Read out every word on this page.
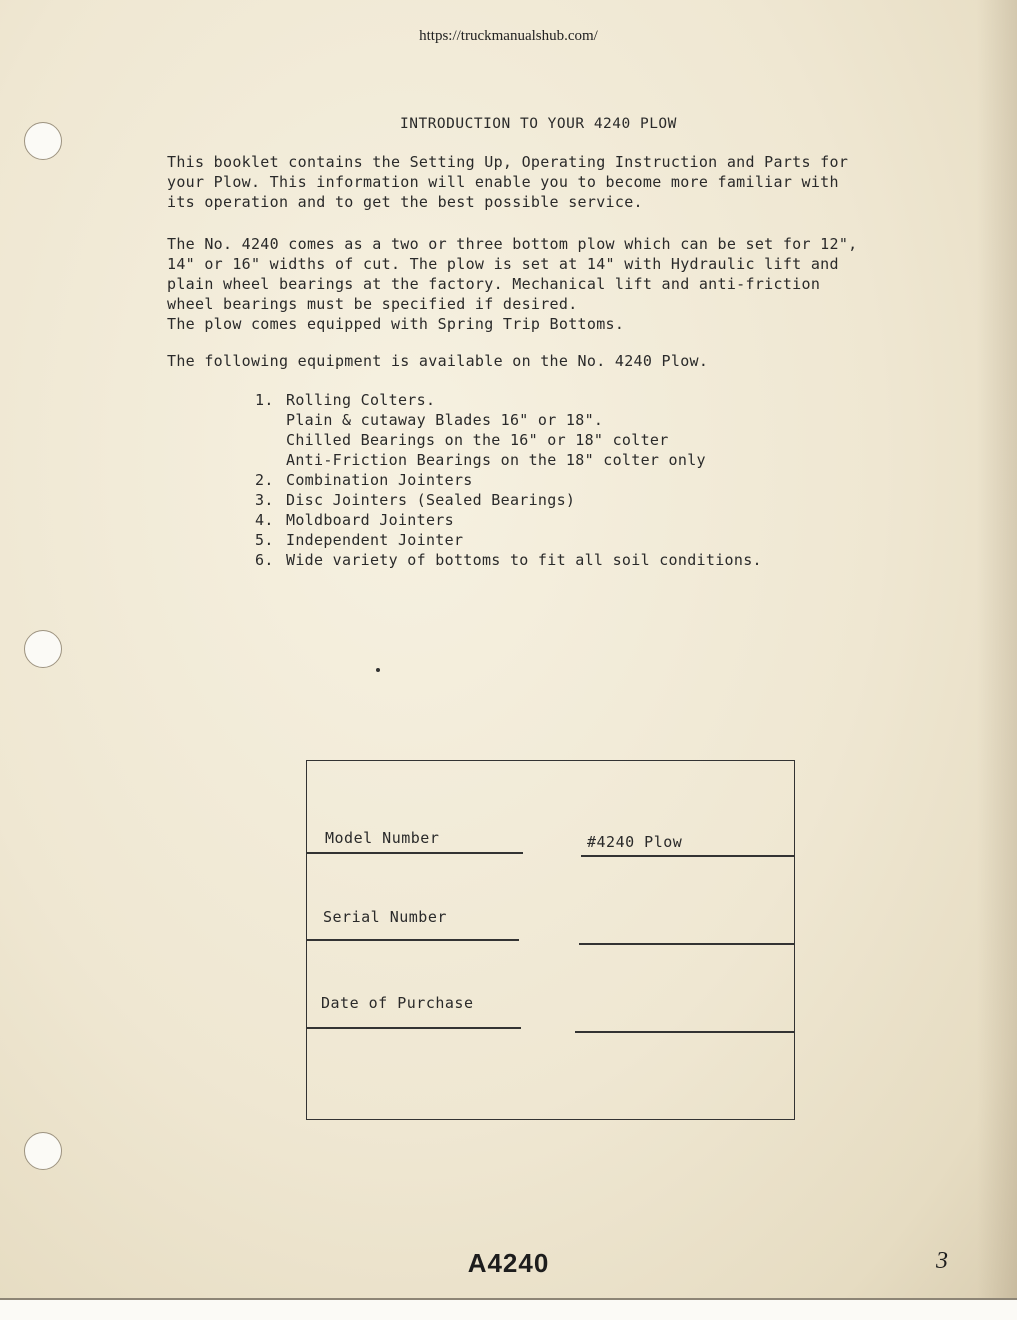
https://truckmanualshub.com/
INTRODUCTION TO YOUR 4240 PLOW
This booklet contains the Setting Up, Operating Instruction and Parts for
your Plow. This information will enable you to become more familiar with
its operation and to get the best possible service.
The No. 4240 comes as a two or three bottom plow which can be set for 12",
14" or 16" widths of cut. The plow is set at 14" with Hydraulic lift and
plain wheel bearings at the factory. Mechanical lift and anti-friction
wheel bearings must be specified if desired.
The plow comes equipped with Spring Trip Bottoms.
The following equipment is available on the No. 4240 Plow.
1. Rolling Colters.
Plain & cutaway Blades 16" or 18".
Chilled Bearings on the 16" or 18" colter
Anti-Friction Bearings on the 18" colter only
2. Combination Jointers
3. Disc Jointers (Sealed Bearings)
4. Moldboard Jointers
5. Independent Jointer
6. Wide variety of bottoms to fit all soil conditions.
Model Number	#4240 Plow
Serial Number
Date of Purchase
A4240	3
